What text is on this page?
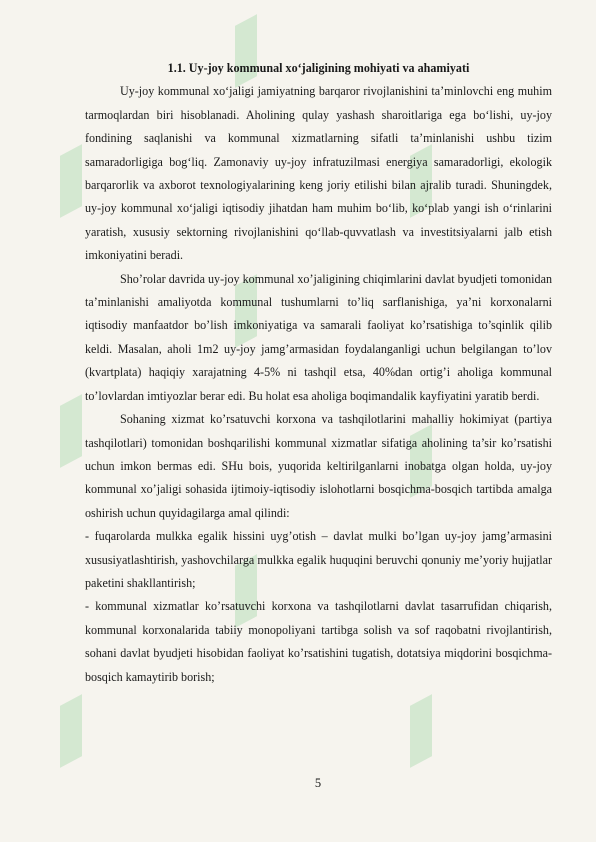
1.1. Uy-joy kommunal xo‘jaligining mohiyati va ahamiyati

Uy-joy kommunal xo‘jaligi jamiyatning barqaror rivojlanishini ta’minlovchi eng muhim tarmoqlardan biri hisoblanadi. Aholining qulay yashash sharoitlariga ega bo‘lishi, uy-joy fondining saqlanishi va kommunal xizmatlarning sifatli ta’minlanishi ushbu tizim samaradorligiga bog‘liq. Zamonaviy uy-joy infratuzilmasi energiya samaradorligi, ekologik barqarorlik va axborot texnologiyalarining keng joriy etilishi bilan ajralib turadi. Shuningdek, uy-joy kommunal xo‘jaligi iqtisodiy jihatdan ham muhim bo‘lib, ko‘plab yangi ish o‘rinlarini yaratish, xususiy sektorning rivojlanishini qo‘llab-quvvatlash va investitsiyalarni jalb etish imkoniyatini beradi.

Sho’rolar davrida uy-joy kommunal xo’jaligining chiqimlarini davlat byudjeti tomonidan ta’minlanishi amaliyotda kommunal tushumlarni to’liq sarflanishiga, ya’ni korxonalarni iqtisodiy manfaatdor bo’lish imkoniyatiga va samarali faoliyat ko’rsatishiga to’sqinlik qilib keldi. Masalan, aholi 1m2 uy-joy jamg’armasidan foydalanganligi uchun belgilangan to’lov (kvartplata) haqiqiy xarajatning 4-5% ni tashqil etsa, 40%dan ortig’i aholiga kommunal to’lovlardan imtiyozlar berar edi. Bu holat esa aholiga boqimandalik kayfiyatini yaratib berdi.

Sohaning xizmat ko’rsatuvchi korxona va tashqilotlarini mahalliy hokimiyat (partiya tashqilotlari) tomonidan boshqarilishi kommunal xizmatlar sifatiga aholining ta’sir ko’rsatishi uchun imkon bermas edi. SHu bois, yuqorida keltirilganlarni inobatga olgan holda, uy-joy kommunal xo’jaligi sohasida ijtimoiy-iqtisodiy islohotlarni bosqichma-bosqich tartibda amalga oshirish uchun quyidagilarga amal qilindi:

- fuqarolarda mulkka egalik hissini uyg’otish – davlat mulki bo’lgan uy-joy jamg’armasini xususiyatlashtirish, yashovchilarga mulkka egalik huquqini beruvchi qonuniy me’yoriy hujjatlar paketini shakllantirish;

- kommunal xizmatlar ko’rsatuvchi korxona va tashqilotlarni davlat tasarrufidan chiqarish, kommunal korxonalarida tabiiy monopoliyani tartibga solish va sof raqobatni rivojlantirish, sohani davlat byudjeti hisobidan faoliyat ko’rsatishini tugatish, dotatsiya miqdorini bosqichma-bosqich kamaytirib borish;

5
